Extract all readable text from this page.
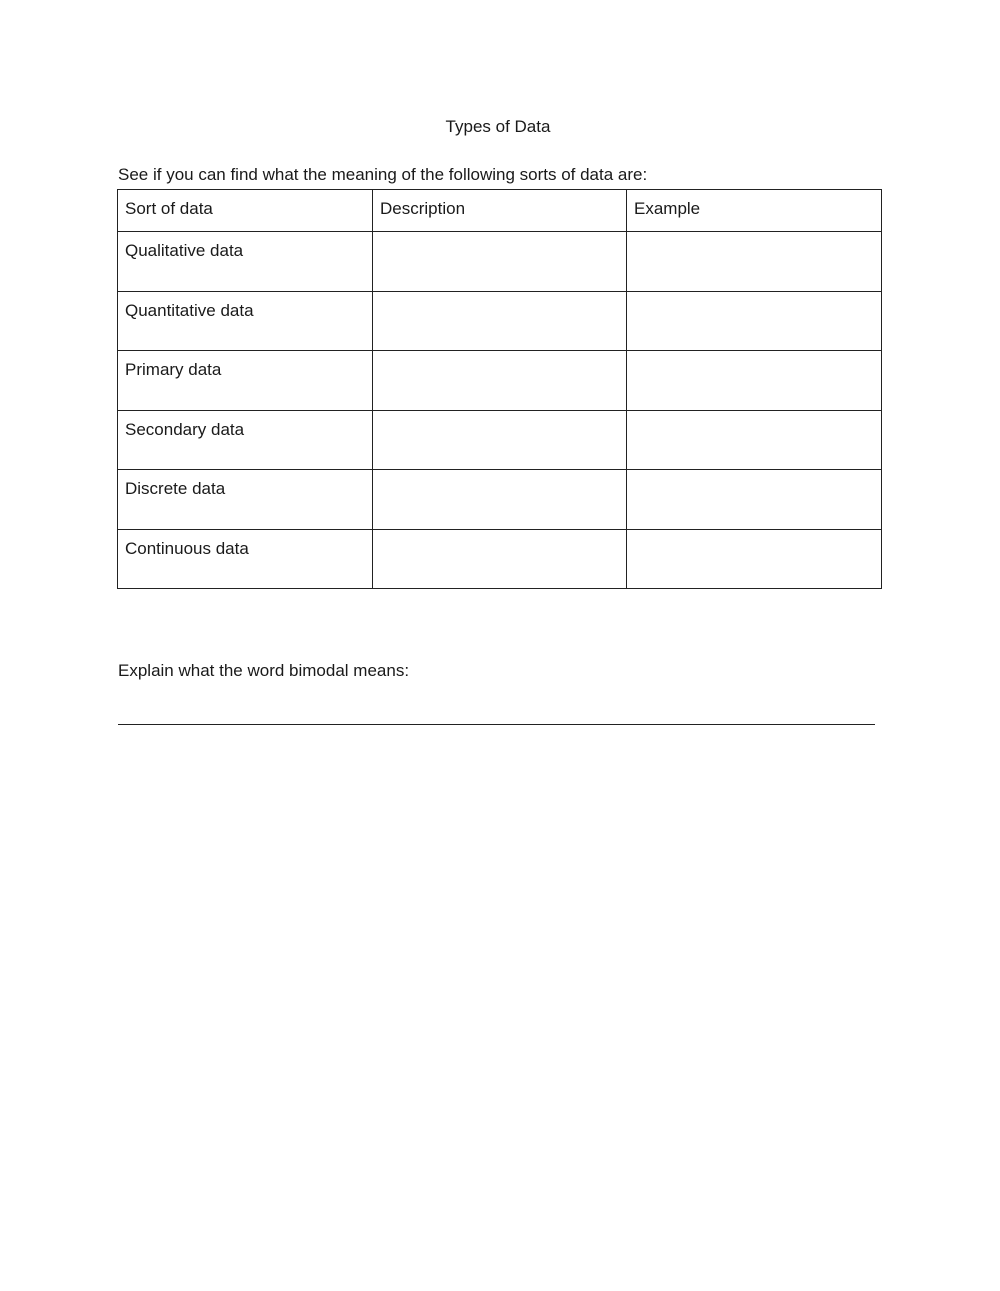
Types of Data
See if you can find what the meaning of the following sorts of data are:
Sort of data	Description	Example
Qualitative data		
Quantitative data		
Primary data		
Secondary data		
Discrete data		
Continuous data		
Explain what the word bimodal means:
